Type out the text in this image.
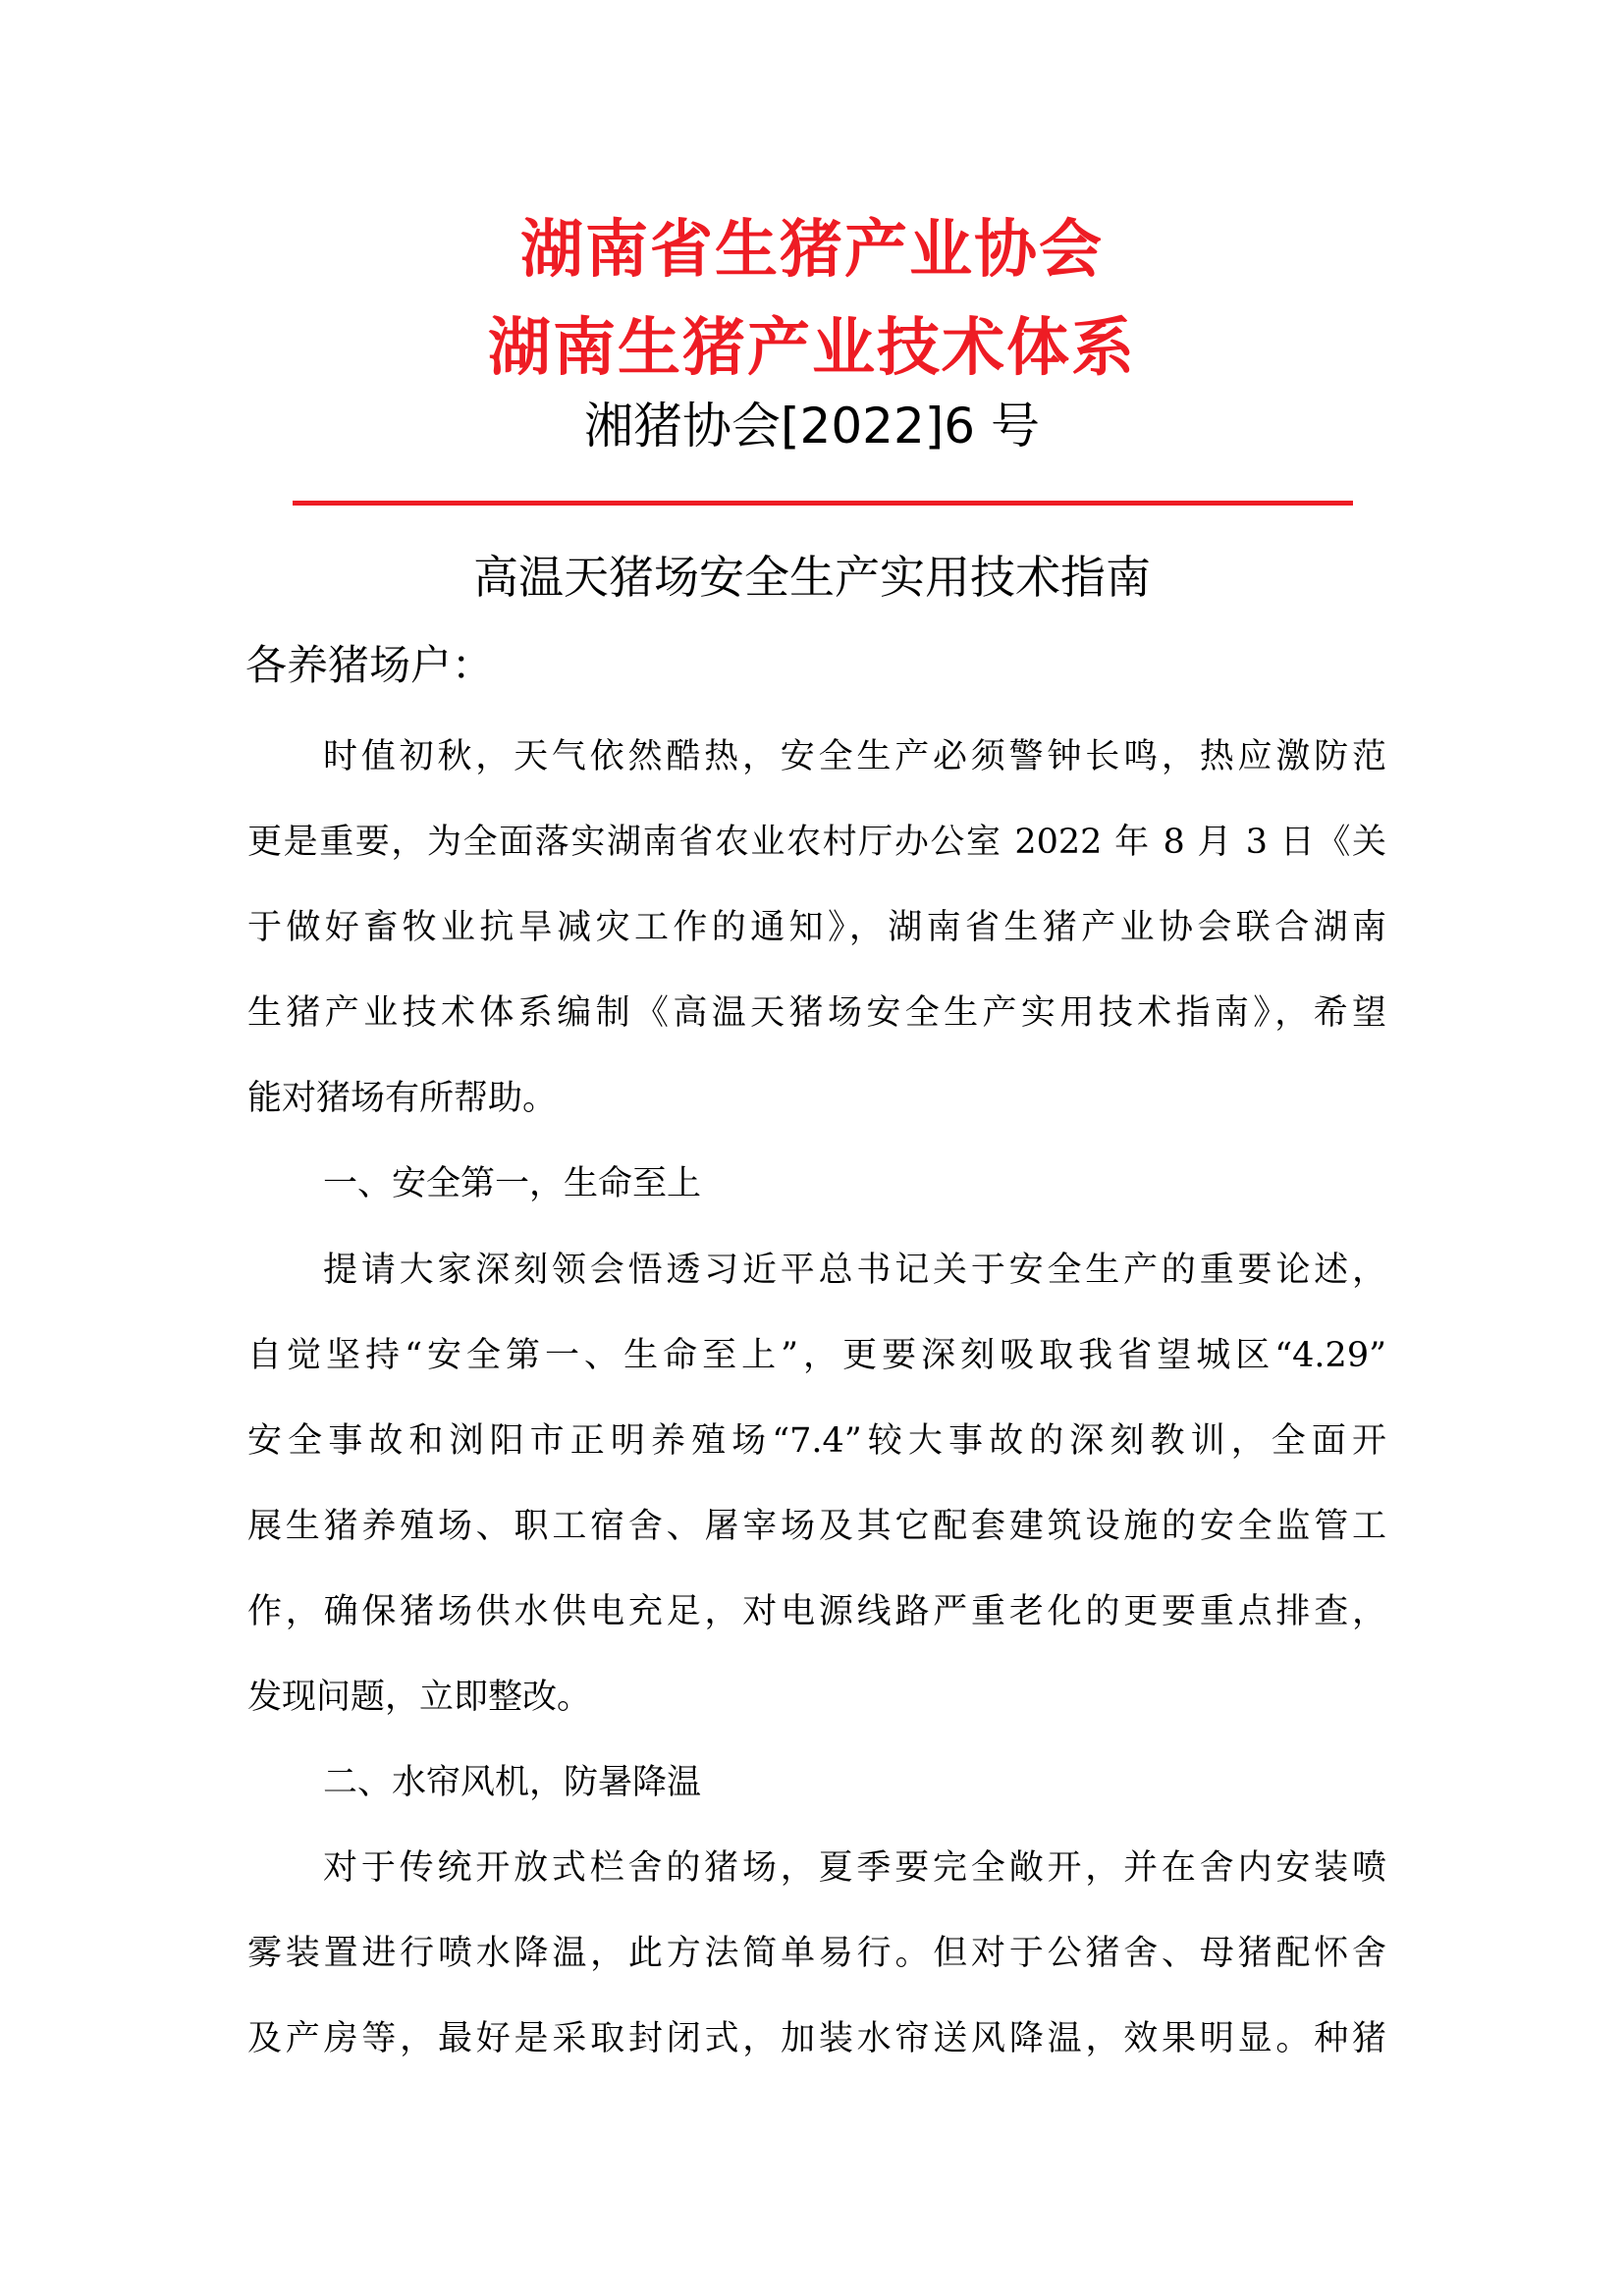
湖南省生猪产业协会
湖南生猪产业技术体系
湘猪协会[2022]6 号
高温天猪场安全生产实用技术指南
各养猪场户：
时值初秋，天气依然酷热，安全生产必须警钟长鸣，热应激防范
更是重要，为全面落实湖南省农业农村厅办公室 2022 年 8 月 3 日《关
于做好畜牧业抗旱减灾工作的通知》，湖南省生猪产业协会联合湖南
生猪产业技术体系编制《高温天猪场安全生产实用技术指南》，希望
能对猪场有所帮助。
一、安全第一，生命至上
提请大家深刻领会悟透习近平总书记关于安全生产的重要论述，
自觉坚持“安全第一、生命至上”，更要深刻吸取我省望城区“4.29”
安全事故和浏阳市正明养殖场“7.4”较大事故的深刻教训，全面开
展生猪养殖场、职工宿舍、屠宰场及其它配套建筑设施的安全监管工
作，确保猪场供水供电充足，对电源线路严重老化的更要重点排查，
发现问题，立即整改。
二、水帘风机，防暑降温
对于传统开放式栏舍的猪场，夏季要完全敞开，并在舍内安装喷
雾装置进行喷水降温，此方法简单易行。但对于公猪舍、母猪配怀舍
及产房等，最好是采取封闭式，加装水帘送风降温，效果明显。种猪
